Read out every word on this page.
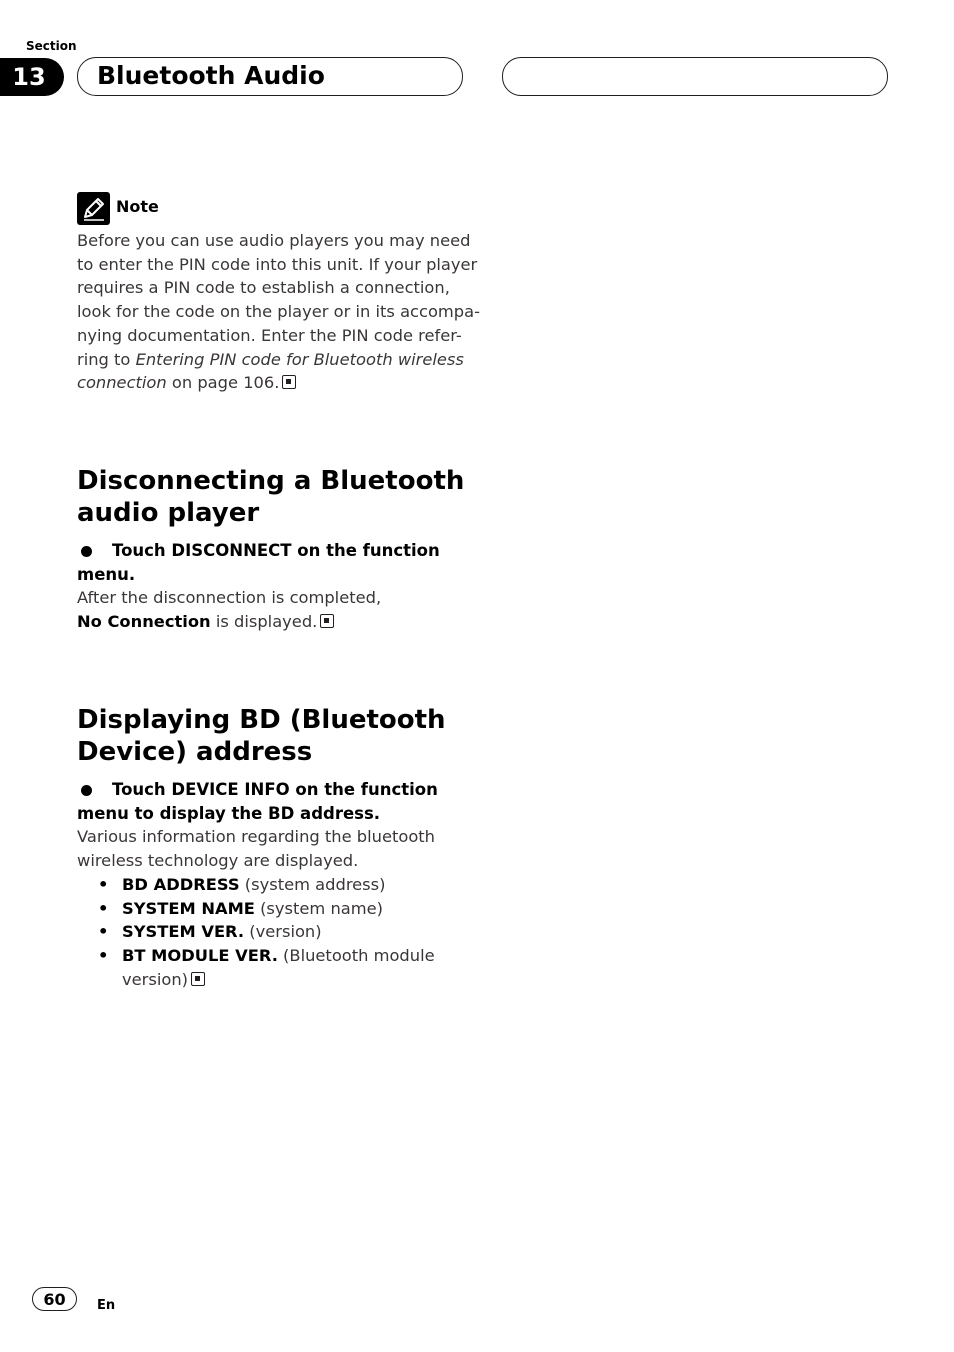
Section
13	Bluetooth Audio
Note
Before you can use audio players you may need
to enter the PIN code into this unit. If your player
requires a PIN code to establish a connection,
look for the code on the player or in its accompa-
nying documentation. Enter the PIN code refer-
ring to Entering PIN code for Bluetooth wireless
connection on page 106.
Disconnecting a Bluetooth
audio player
Touch DISCONNECT on the function menu.
After the disconnection is completed,
No Connection is displayed.
Displaying BD (Bluetooth
Device) address
Touch DEVICE INFO on the function menu to display the BD address.
Various information regarding the bluetooth wireless technology are displayed.
• BD ADDRESS (system address)
• SYSTEM NAME (system name)
• SYSTEM VER. (version)
• BT MODULE VER. (Bluetooth module version)
60	En
